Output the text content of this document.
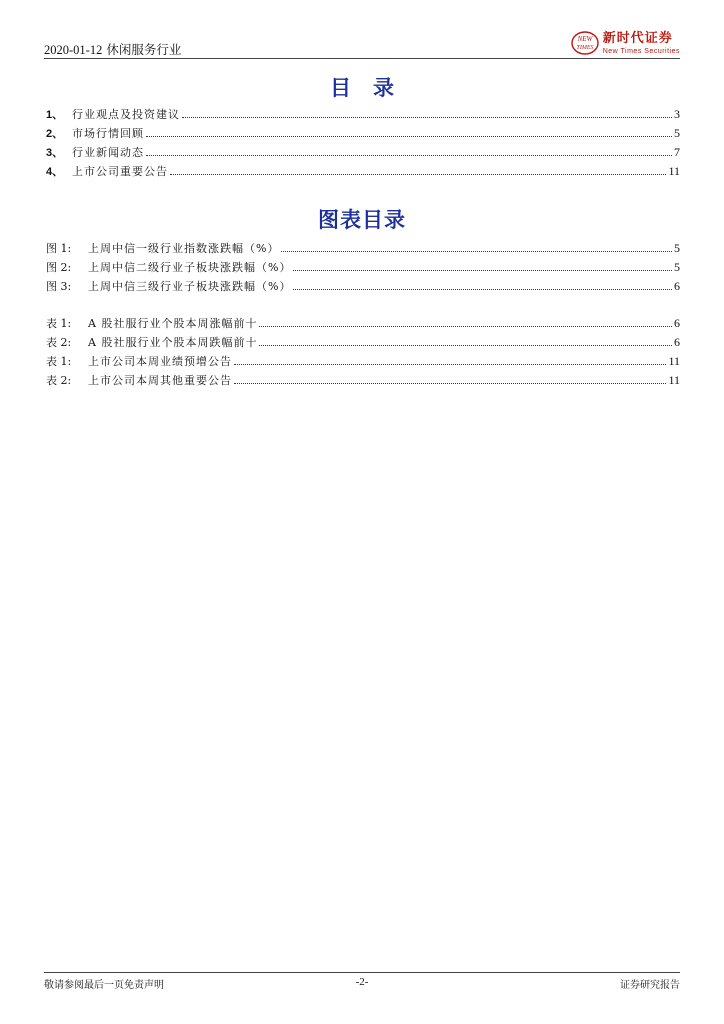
2020-01-12 休闲服务行业
NEW
TIMES
新时代证券
New Times Securities
目录
1、 行业观点及投资建议	3
2、 市场行情回顾	5
3、 行业新闻动态	7
4、 上市公司重要公告	11
图表目录
图 1:	上周中信一级行业指数涨跌幅（%）	5
图 2:	上周中信二级行业子板块涨跌幅（%）	5
图 3:	上周中信三级行业子板块涨跌幅（%）	6
表 1:	A 股社服行业个股本周涨幅前十	6
表 2:	A 股社服行业个股本周跌幅前十	6
表 1:	上市公司本周业绩预增公告	11
表 2:	上市公司本周其他重要公告	11
敬请参阅最后一页免责声明	-2-	证券研究报告
